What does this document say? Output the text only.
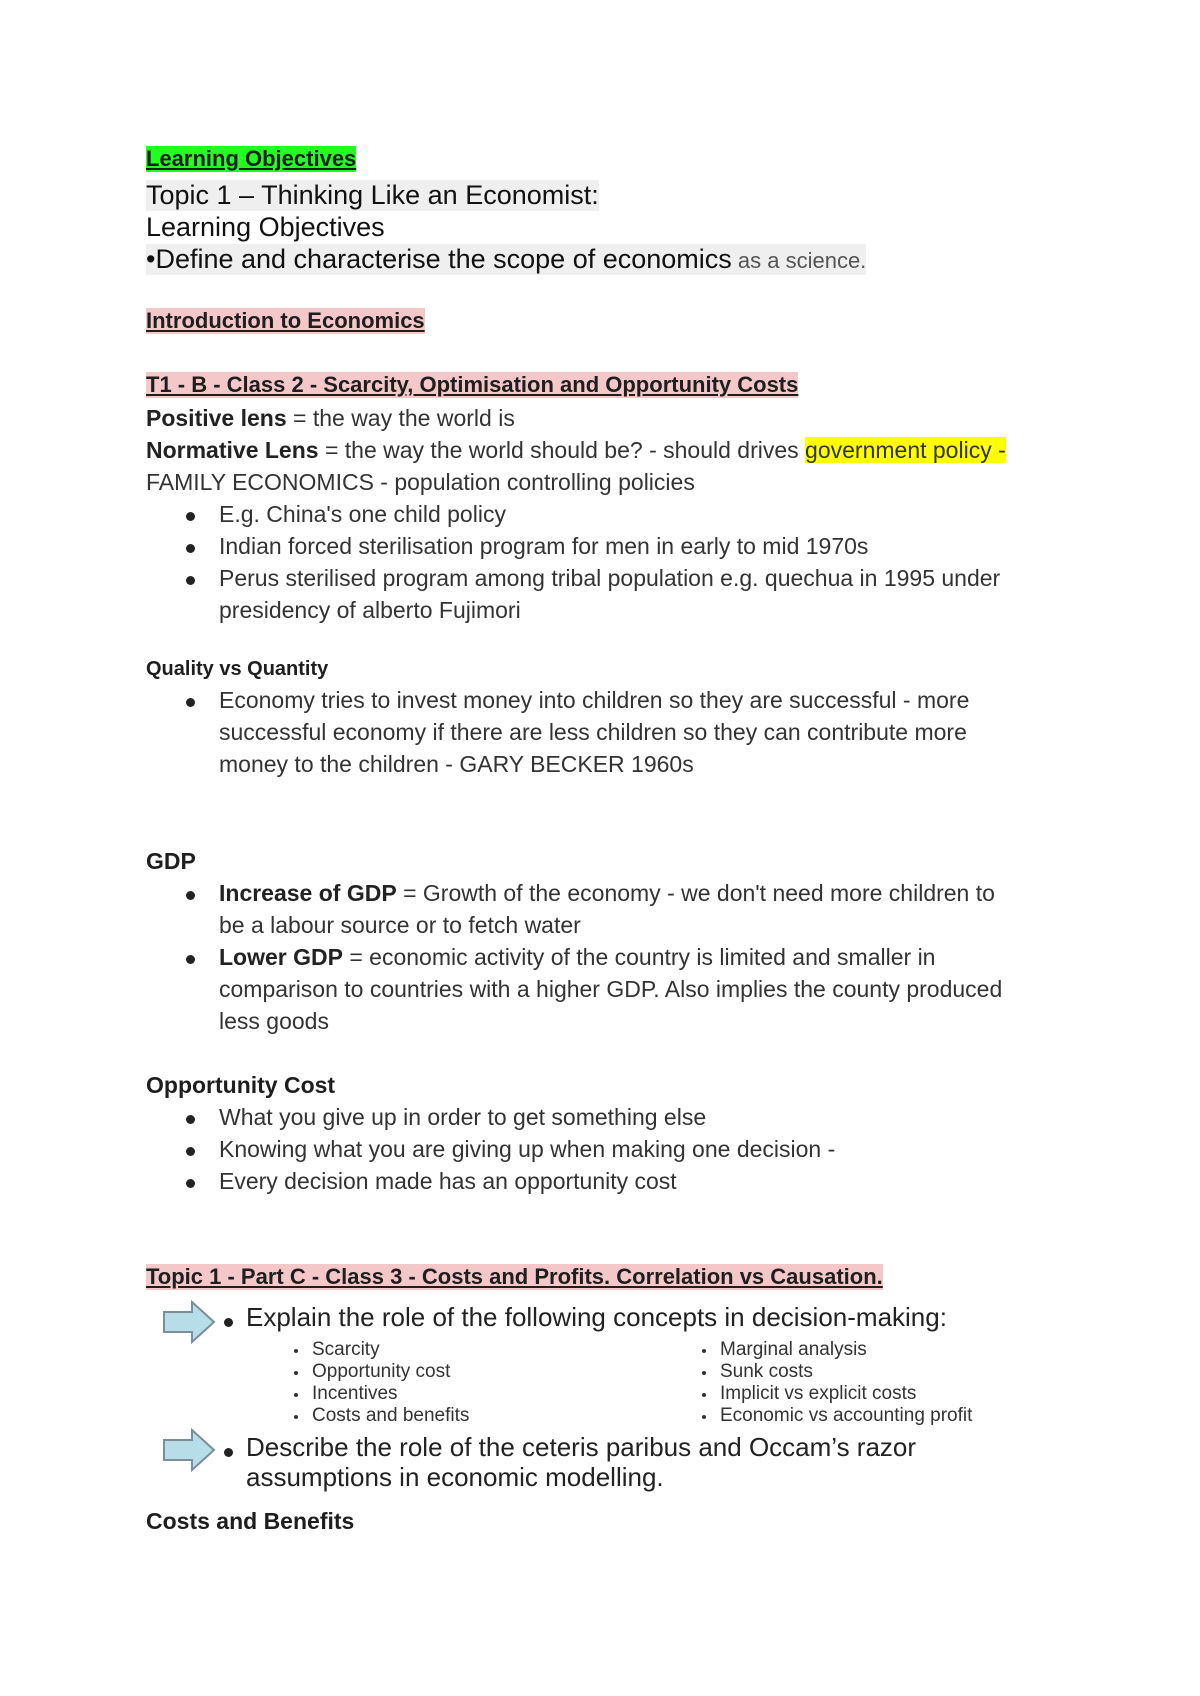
Learning Objectives
Topic 1 – Thinking Like an Economist:
Learning Objectives
•Define and characterise the scope of economics as a science.
Introduction to Economics
T1 - B - Class 2 - Scarcity, Optimisation and Opportunity Costs
Positive lens = the way the world is
Normative Lens = the way the world should be? - should drives government policy -
FAMILY ECONOMICS - population controlling policies
E.g. China's one child policy
Indian forced sterilisation program for men in early to mid 1970s
Perus sterilised program among tribal population e.g. quechua in 1995 under
presidency of alberto Fujimori
Quality vs Quantity
Economy tries to invest money into children so they are successful - more
successful economy if there are less children so they can contribute more
money to the children - GARY BECKER 1960s
GDP
Increase of GDP = Growth of the economy - we don't need more children to
be a labour source or to fetch water
Lower GDP = economic activity of the country is limited and smaller in
comparison to countries with a higher GDP. Also implies the county produced
less goods
Opportunity Cost
What you give up in order to get something else
Knowing what you are giving up when making one decision -
Every decision made has an opportunity cost
Topic 1 - Part C - Class 3 - Costs and Profits. Correlation vs Causation.
Explain the role of the following concepts in decision-making:
Scarcity
Opportunity cost
Incentives
Costs and benefits
Marginal analysis
Sunk costs
Implicit vs explicit costs
Economic vs accounting profit
Describe the role of the ceteris paribus and Occam’s razor
assumptions in economic modelling.
Costs and Benefits
